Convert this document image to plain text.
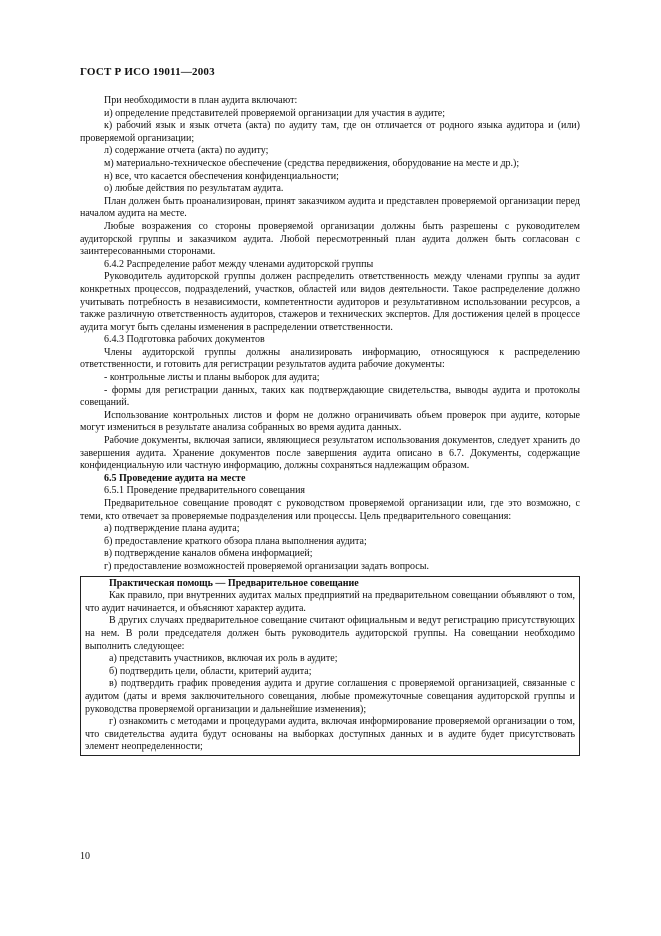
ГОСТ Р ИСО 19011—2003

При необходимости в план аудита включают:

и) определение представителей проверяемой организации для участия в аудите;

к) рабочий язык и язык отчета (акта) по аудиту там, где он отличается от родного языка аудитора и (или) проверяемой организации;

л) содержание отчета (акта) по аудиту;

м) материально-техническое обеспечение (средства передвижения, оборудование на месте и др.);

н) все, что касается обеспечения конфиденциальности;

о) любые действия по результатам аудита.

План должен быть проанализирован, принят заказчиком аудита и представлен проверяемой организации перед началом аудита на месте.

Любые возражения со стороны проверяемой организации должны быть разрешены с руководителем аудиторской группы и заказчиком аудита. Любой пересмотренный план аудита должен быть согласован с заинтересованными сторонами.

6.4.2 Распределение работ между членами аудиторской группы

Руководитель аудиторской группы должен распределить ответственность между членами группы за аудит конкретных процессов, подразделений, участков, областей или видов деятельности. Такое распределение должно учитывать потребность в независимости, компетентности аудиторов и результативном использовании ресурсов, а также различную ответственность аудиторов, стажеров и технических экспертов. Для достижения целей в процессе аудита могут быть сделаны изменения в распределении ответственности.

6.4.3 Подготовка рабочих документов

Члены аудиторской группы должны анализировать информацию, относящуюся к распределению ответственности, и готовить для регистрации результатов аудита рабочие документы:

- контрольные листы и планы выборок для аудита;

- формы для регистрации данных, таких как подтверждающие свидетельства, выводы аудита и протоколы совещаний.

Использование контрольных листов и форм не должно ограничивать объем проверок при аудите, которые могут измениться в результате анализа собранных во время аудита данных.

Рабочие документы, включая записи, являющиеся результатом использования документов, следует хранить до завершения аудита. Хранение документов после завершения аудита описано в 6.7. Документы, содержащие конфиденциальную или частную информацию, должны сохраняться надлежащим образом.

6.5 Проведение аудита на месте

6.5.1 Проведение предварительного совещания

Предварительное совещание проводят с руководством проверяемой организации или, где это возможно, с теми, кто отвечает за проверяемые подразделения или процессы. Цель предварительного совещания:

а) подтверждение плана аудита;

б) предоставление краткого обзора плана выполнения аудита;

в) подтверждение каналов обмена информацией;

г) предоставление возможностей проверяемой организации задать вопросы.

Практическая помощь — Предварительное совещание

Как правило, при внутренних аудитах малых предприятий на предварительном совещании объявляют о том, что аудит начинается, и объясняют характер аудита.

В других случаях предварительное совещание считают официальным и ведут регистрацию присутствующих на нем. В роли председателя должен быть руководитель аудиторской группы. На совещании необходимо выполнить следующее:

а) представить участников, включая их роль в аудите;

б) подтвердить цели, области, критерий аудита;

в) подтвердить график проведения аудита и другие соглашения с проверяемой организацией, связанные с аудитом (даты и время заключительного совещания, любые промежуточные совещания аудиторской группы и руководства проверяемой организации и дальнейшие изменения);

г) ознакомить с методами и процедурами аудита, включая информирование проверяемой организации о том, что свидетельства аудита будут основаны на выборках доступных данных и в аудите будет присутствовать элемент неопределенности;

10
